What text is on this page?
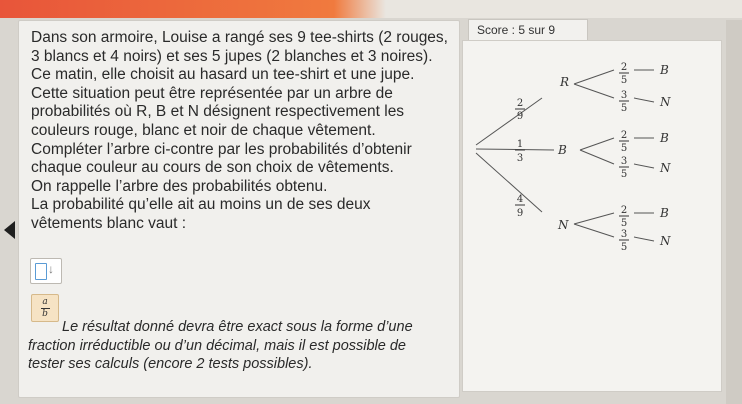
Score : 5 sur 9

Dans son armoire, Louise a rangé ses 9 tee-shirts (2 rouges,
3 blancs et 4 noirs) et ses 5 jupes (2 blanches et 3 noires).
Ce matin, elle choisit au hasard un tee-shirt et une jupe.
Cette situation peut être représentée par un arbre de
probabilités où R, B et N désignent respectivement les
couleurs rouge, blanc et noir de chaque vêtement.
Compléter l’arbre ci-contre par les probabilités d’obtenir
chaque couleur au cours de son choix de vêtements.
On rappelle l’arbre des probabilités obtenu.
La probabilité qu’elle ait au moins un de ses deux
vêtements blanc vaut :

↓
a
b

Le résultat donné devra être exact sous la forme d’une
fraction irréductible ou d’un décimal, mais il est possible de
tester ses calculs (encore 2 tests possibles).

2
9
1
3
4
9
R
B
N
2
5
B
3
5	N
2
5
B
3
5	N
2
5
B
3
5	N
